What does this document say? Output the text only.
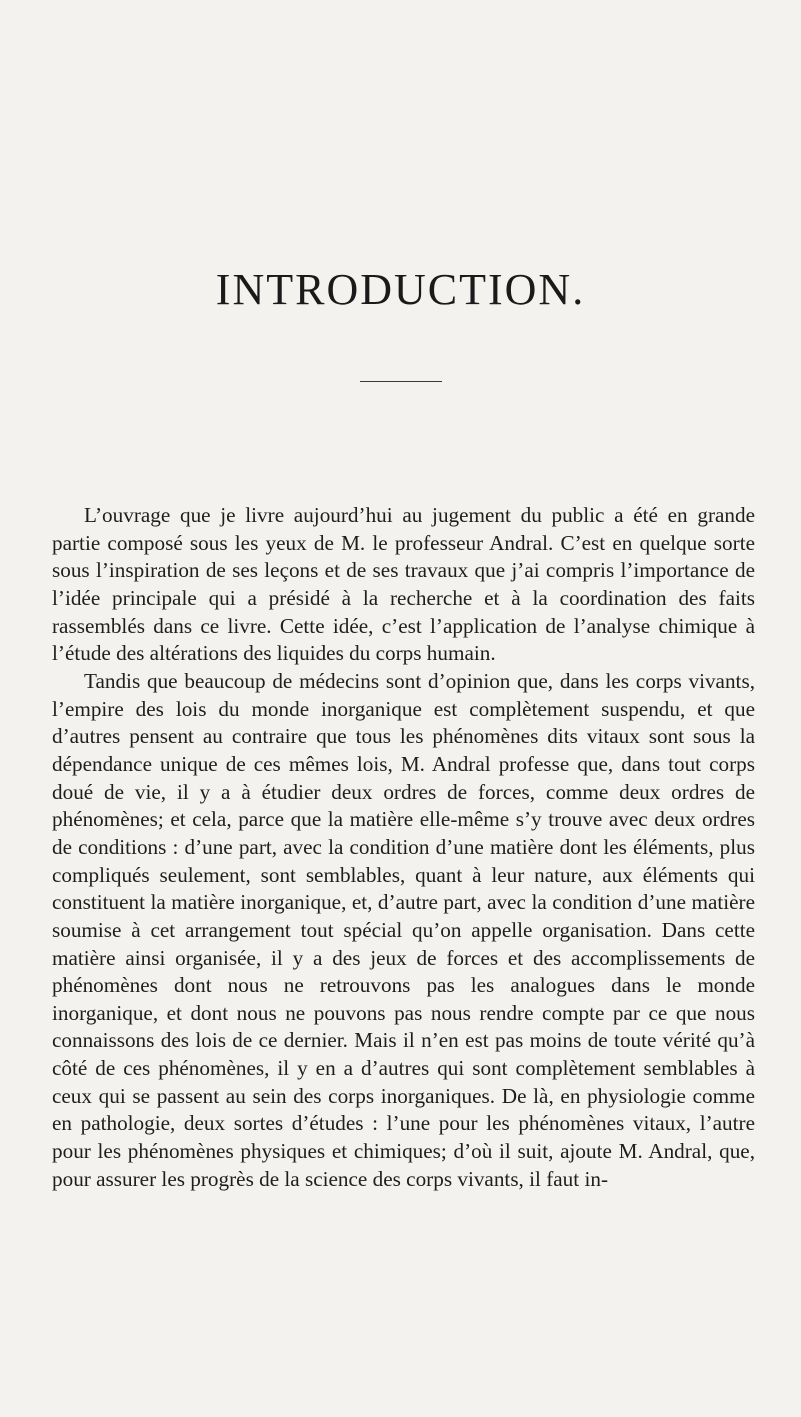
INTRODUCTION.

L’ouvrage que je livre aujourd’hui au jugement du public a été en grande partie composé sous les yeux de M. le professeur Andral. C’est en quelque sorte sous l’inspiration de ses leçons et de ses travaux que j’ai compris l’importance de l’idée principale qui a présidé à la recherche et à la coordination des faits rassemblés dans ce livre. Cette idée, c’est l’application de l’analyse chimique à l’étude des altérations des liquides du corps humain.

Tandis que beaucoup de médecins sont d’opinion que, dans les corps vivants, l’empire des lois du monde inorganique est complètement suspendu, et que d’autres pensent au contraire que tous les phénomènes dits vitaux sont sous la dépendance unique de ces mêmes lois, M. Andral professe que, dans tout corps doué de vie, il y a à étudier deux ordres de forces, comme deux ordres de phénomènes; et cela, parce que la matière elle-même s’y trouve avec deux ordres de conditions : d’une part, avec la condition d’une matière dont les éléments, plus compliqués seulement, sont semblables, quant à leur nature, aux éléments qui constituent la matière inorganique, et, d’autre part, avec la condition d’une matière soumise à cet arrangement tout spécial qu’on appelle organisation. Dans cette matière ainsi organisée, il y a des jeux de forces et des accomplissements de phénomènes dont nous ne retrouvons pas les analogues dans le monde inorganique, et dont nous ne pouvons pas nous rendre compte par ce que nous connaissons des lois de ce dernier. Mais il n’en est pas moins de toute vérité qu’à côté de ces phénomènes, il y en a d’autres qui sont complètement semblables à ceux qui se passent au sein des corps inorganiques. De là, en physiologie comme en pathologie, deux sortes d’études : l’une pour les phénomènes vitaux, l’autre pour les phénomènes physiques et chimiques; d’où il suit, ajoute M. Andral, que, pour assurer les progrès de la science des corps vivants, il faut in-
